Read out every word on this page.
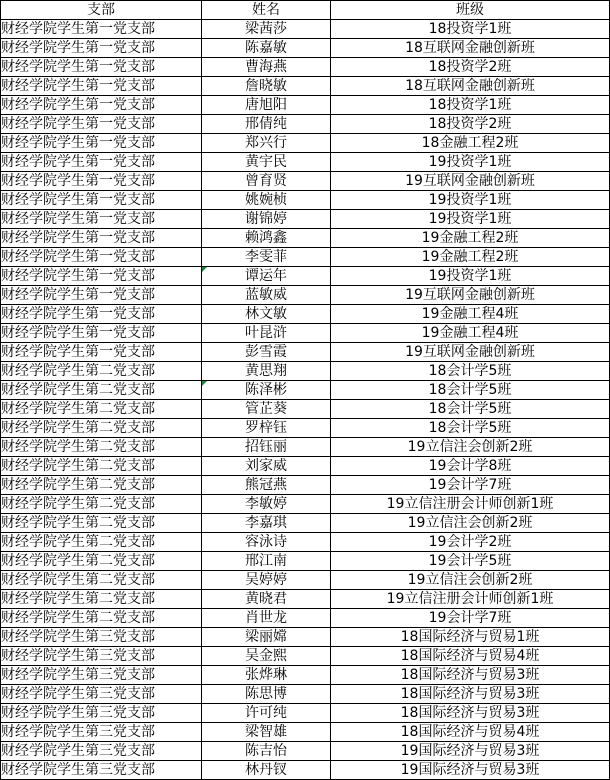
支部	姓名	班级
财经学院学生第一党支部	梁茜莎	18投资学1班
财经学院学生第一党支部	陈嘉敏	18互联网金融创新班
财经学院学生第一党支部	曹海燕	18投资学2班
财经学院学生第一党支部	詹晓敏	18互联网金融创新班
财经学院学生第一党支部	唐旭阳	18投资学1班
财经学院学生第一党支部	邢倩纯	18投资学2班
财经学院学生第一党支部	郑兴行	18金融工程2班
财经学院学生第一党支部	黄宇民	19投资学1班
财经学院学生第一党支部	曾育贤	19互联网金融创新班
财经学院学生第一党支部	姚婉桢	19投资学1班
财经学院学生第一党支部	谢锦婷	19投资学1班
财经学院学生第一党支部	赖鸿鑫	19金融工程2班
财经学院学生第一党支部	李雯菲	19金融工程2班
财经学院学生第一党支部	谭运年	19投资学1班
财经学院学生第一党支部	蓝敏威	19互联网金融创新班
财经学院学生第一党支部	林文敏	19金融工程4班
财经学院学生第一党支部	叶昆浒	19金融工程4班
财经学院学生第一党支部	彭雪霞	19互联网金融创新班
财经学院学生第二党支部	黄思翔	18会计学5班
财经学院学生第二党支部	陈泽彬	18会计学5班
财经学院学生第二党支部	管芷葵	18会计学5班
财经学院学生第二党支部	罗梓钰	18会计学5班
财经学院学生第二党支部	招钰丽	19立信注会创新2班
财经学院学生第二党支部	刘家威	19会计学8班
财经学院学生第二党支部	熊冠燕	19会计学7班
财经学院学生第二党支部	李敏婷	19立信注册会计师创新1班
财经学院学生第二党支部	李嘉琪	19立信注会创新2班
财经学院学生第二党支部	容泳诗	19会计学2班
财经学院学生第二党支部	邢江南	19会计学5班
财经学院学生第二党支部	吴婷婷	19立信注会创新2班
财经学院学生第二党支部	黄晓君	19立信注册会计师创新1班
财经学院学生第二党支部	肖世龙	19会计学7班
财经学院学生第三党支部	梁丽嫦	18国际经济与贸易1班
财经学院学生第三党支部	吴金熙	18国际经济与贸易4班
财经学院学生第三党支部	张烨琳	18国际经济与贸易3班
财经学院学生第三党支部	陈思博	18国际经济与贸易3班
财经学院学生第三党支部	许可纯	18国际经济与贸易3班
财经学院学生第三党支部	梁智雄	18国际经济与贸易4班
财经学院学生第三党支部	陈吉怡	19国际经济与贸易3班
财经学院学生第三党支部	林丹钗	19国际经济与贸易3班
